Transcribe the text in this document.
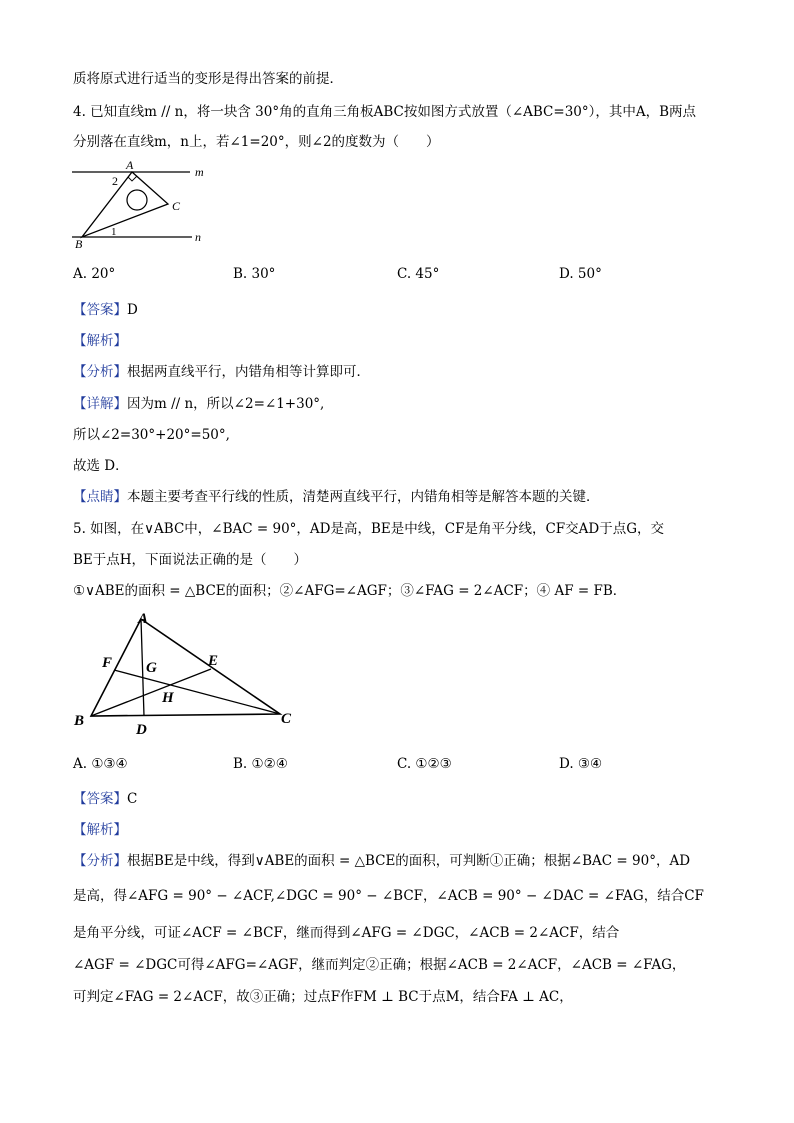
质将原式进行适当的变形是得出答案的前提．
4. 已知直线m // n，将一块含 30°角的直角三角板ABC按如图方式放置（∠ABC=30°），其中A，B两点
分别落在直线m，n上，若∠1=20°，则∠2的度数为（　　）
A	m
2
C
1
B	n
A. 20°	B. 30°	C. 45°	D. 50°
【答案】D
【解析】
【分析】根据两直线平行，内错角相等计算即可．
【详解】因为m // n，所以∠2=∠1+30°,
所以∠2=30°+20°=50°,
故选 D．
【点睛】本题主要考查平行线的性质，清楚两直线平行，内错角相等是解答本题的关键．
5. 如图，在∨ABC中，∠BAC = 90°，AD是高，BE是中线，CF是角平分线，CF交AD于点G，交
BE于点H，下面说法正确的是（　　）
①∨ABE的面积 = △BCE的面积；②∠AFG=∠AGF；③∠FAG = 2∠ACF；④ AF = FB．
A
F G	E
H
B
D
C
A. ①③④	B. ①②④	C. ①②③	D. ③④
【答案】C
【解析】
【分析】根据BE是中线，得到∨ABE的面积 = △BCE的面积，可判断①正确；根据∠BAC = 90°，AD
是高，得∠AFG = 90° − ∠ACF,∠DGC = 90° − ∠BCF，∠ACB = 90° − ∠DAC = ∠FAG，结合CF
是角平分线，可证∠ACF = ∠BCF，继而得到∠AFG = ∠DGC，∠ACB = 2∠ACF，结合
∠AGF = ∠DGC可得∠AFG=∠AGF，继而判定②正确；根据∠ACB = 2∠ACF，∠ACB = ∠FAG，
可判定∠FAG = 2∠ACF，故③正确；过点F作FM ⊥ BC于点M，结合FA ⊥ AC，
